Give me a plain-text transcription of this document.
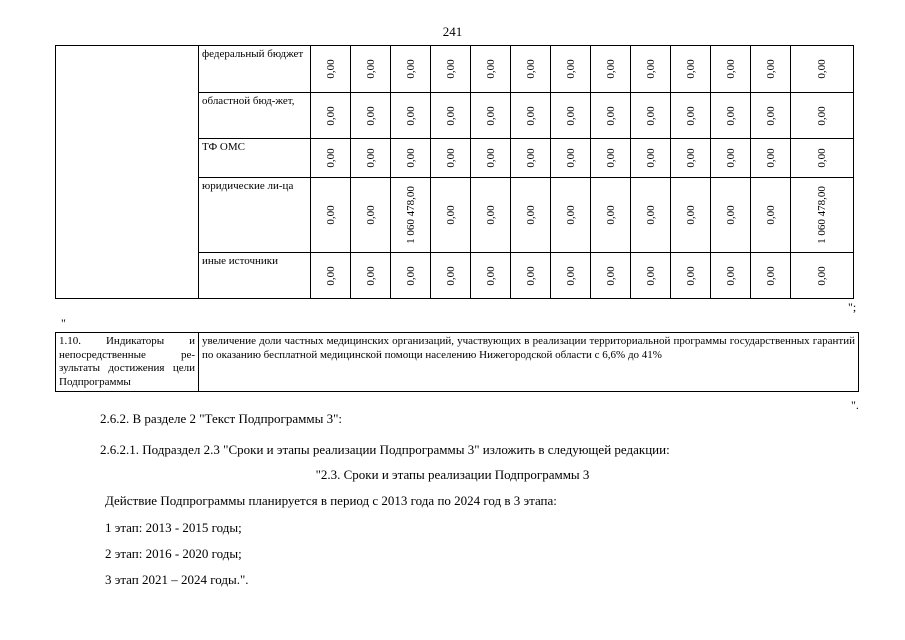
241
	федеральный бюджет	0,00	0,00	0,00	0,00	0,00	0,00	0,00	0,00	0,00	0,00	0,00	0,00	0,00

	областной бюд-жет,	0,00	0,00	0,00	0,00	0,00	0,00	0,00	0,00	0,00	0,00	0,00	0,00	0,00

	ТФ ОМС	0,00	0,00	0,00	0,00	0,00	0,00	0,00	0,00	0,00	0,00	0,00	0,00	0,00

	юридические ли-ца	0,00	0,00	1 060 478,00	0,00	0,00	0,00	0,00	0,00	0,00	0,00	0,00	0,00	1 060 478,00

	иные источники	0,00	0,00	0,00	0,00	0,00	0,00	0,00	0,00	0,00	0,00	0,00	0,00	0,00
";
"
1.10. Индикаторы и непосредственные ре-зультаты достижения цели Подпрограммы	увеличение доли частных медицинских организаций, участвующих в реализации территориальной программы государственных гарантий по оказанию бесплатной медицинской помощи населению Нижегородской области с 6,6% до 41%
".
2.6.2. В разделе 2 "Текст Подпрограммы 3":
2.6.2.1. Подраздел 2.3 "Сроки и этапы реализации Подпрограммы 3" изложить в следующей редакции:
"2.3. Сроки и этапы реализации Подпрограммы 3
Действие Подпрограммы планируется в период с 2013 года по 2024 год в 3 этапа:
1 этап: 2013 - 2015 годы;
2 этап: 2016 - 2020 годы;
3 этап 2021 – 2024 годы.".
